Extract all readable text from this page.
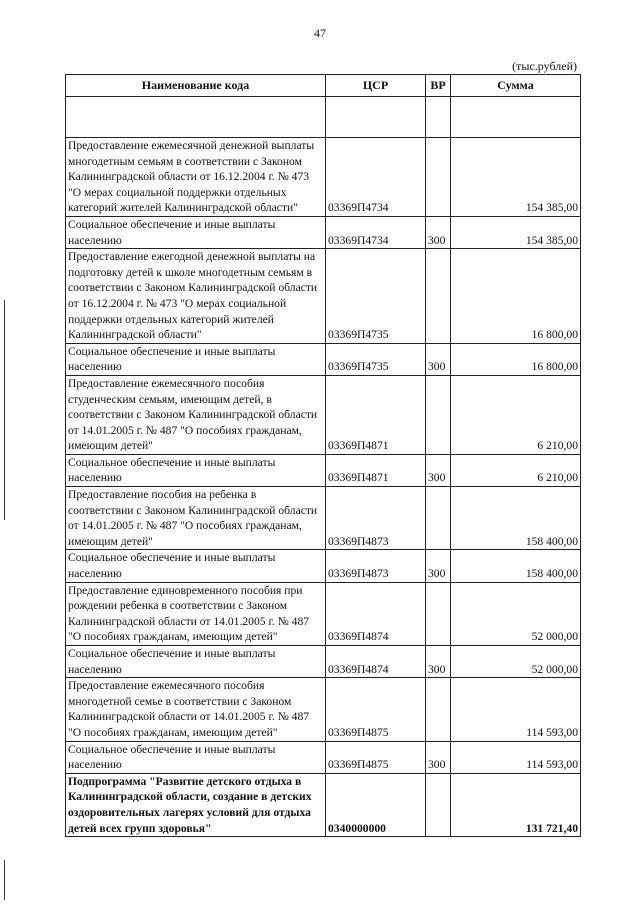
47
(тыс.рублей)
Наименование кода	ЦСР	ВР	Сумма

Предоставление ежемесячной денежной выплаты многодетным семьям в соответствии с Законом Калининградской области от 16.12.2004 г. № 473 "О мерах социальной поддержки отдельных категорий жителей Калининградской области"	03369П4734		154 385,00
Социальное обеспечение и иные выплаты населению	03369П4734	300	154 385,00
Предоставление ежегодной денежной выплаты на подготовку детей к школе многодетным семьям в соответствии с Законом Калининградской области от 16.12.2004 г. № 473 "О мерах социальной поддержки отдельных категорий жителей Калининградской области"	03369П4735		16 800,00
Социальное обеспечение и иные выплаты населению	03369П4735	300	16 800,00
Предоставление ежемесячного пособия студенческим семьям, имеющим детей, в соответствии с Законом Калининградской области от 14.01.2005 г. № 487 "О пособиях гражданам, имеющим детей"	03369П4871		6 210,00
Социальное обеспечение и иные выплаты населению	03369П4871	300	6 210,00
Предоставление пособия на ребенка в соответствии с Законом Калининградской области от 14.01.2005 г. № 487 "О пособиях гражданам, имеющим детей"	03369П4873		158 400,00
Социальное обеспечение и иные выплаты населению	03369П4873	300	158 400,00
Предоставление единовременного пособия при рождении ребенка в соответствии с Законом Калининградской области от 14.01.2005 г. № 487 "О пособиях гражданам, имеющим детей"	03369П4874		52 000,00
Социальное обеспечение и иные выплаты населению	03369П4874	300	52 000,00
Предоставление ежемесячного пособия многодетной семье в соответствии с Законом Калининградской области от 14.01.2005 г. № 487 "О пособиях гражданам, имеющим детей"	03369П4875		114 593,00
Социальное обеспечение и иные выплаты населению	03369П4875	300	114 593,00
Подпрограмма "Развитие детского отдыха в Калининградской области, создание в детских оздоровительных лагерях условий для отдыха детей всех групп здоровья"	0340000000		131 721,40
